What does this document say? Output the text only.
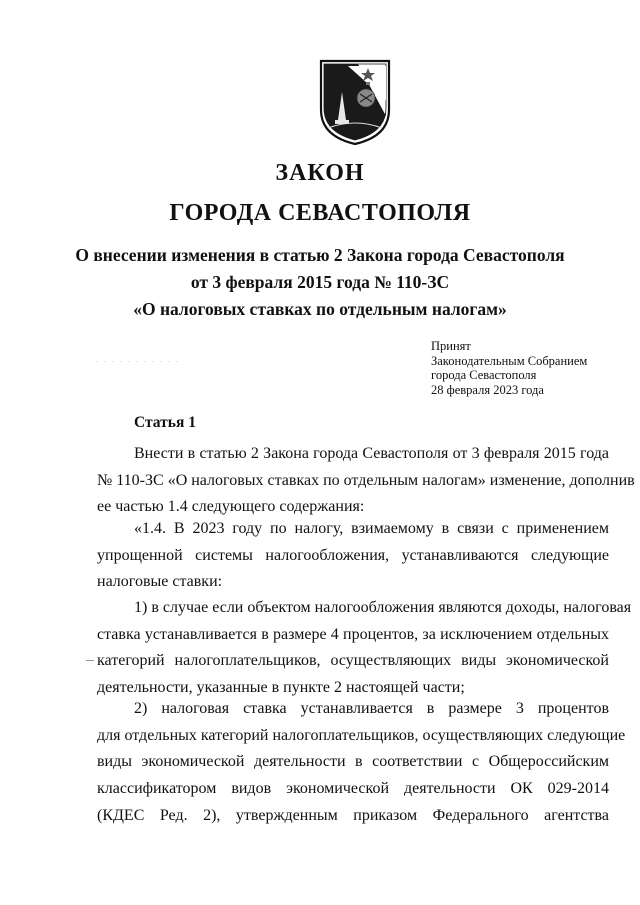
ЗАКОН
ГОРОДА СЕВАСТОПОЛЯ
О внесении изменения в статью 2 Закона города Севастополя
от 3 февраля 2015 года № 110-ЗС
«О налоговых ставках по отдельным налогам»
. . . . . . . . . . .
Принят
Законодательным Собранием
города Севастополя
28 февраля 2023 года
Статья 1
Внести в статью 2 Закона города Севастополя от 3 февраля 2015 года
№ 110-ЗС «О налоговых ставках по отдельным налогам» изменение, дополнив
ее частью 1.4 следующего содержания:
«1.4. В 2023 году по налогу, взимаемому в связи с применением
упрощенной системы налогообложения, устанавливаются следующие
налоговые ставки:
1) в случае если объектом налогообложения являются доходы, налоговая
ставка устанавливается в размере 4 процентов, за исключением отдельных
категорий налогоплательщиков, осуществляющих виды экономической
деятельности, указанные в пункте 2 настоящей части;
2) налоговая ставка устанавливается в размере 3 процентов
для отдельных категорий налогоплательщиков, осуществляющих следующие
виды экономической деятельности в соответствии с Общероссийским
классификатором видов экономической деятельности ОК 029-2014
(КДЕС Ред. 2), утвержденным приказом Федерального агентства
